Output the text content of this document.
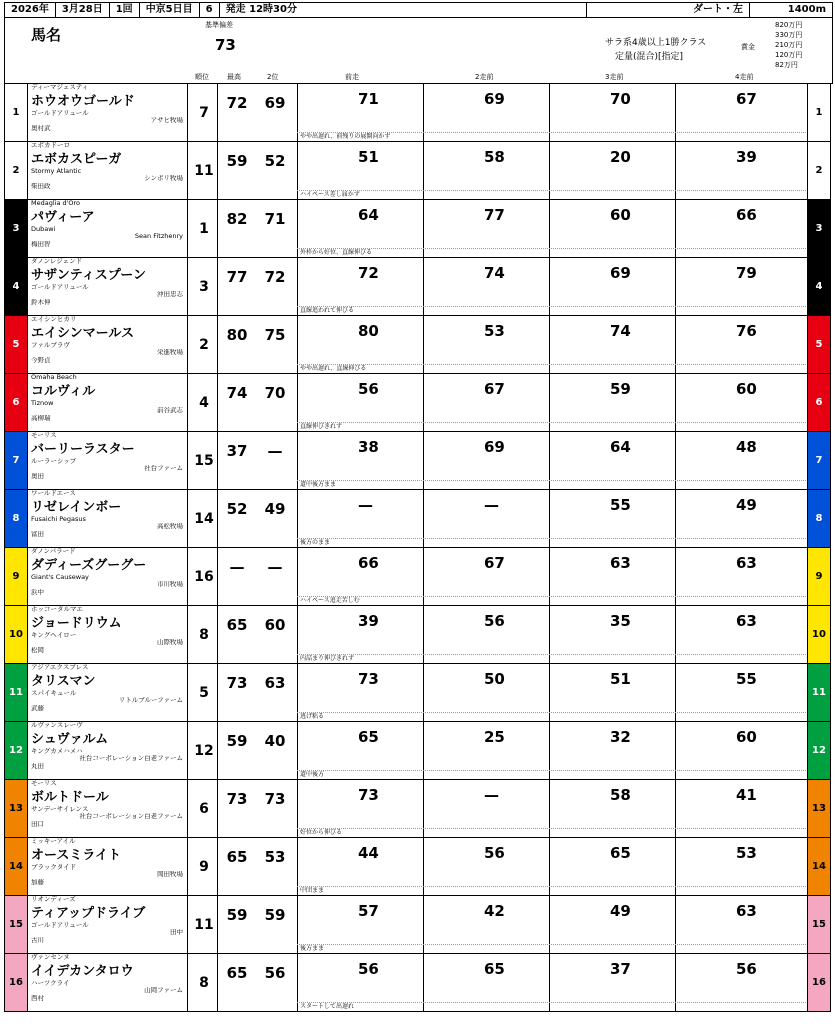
2026年	3月28日	1回	中京5日目	6	発走 12時30分	ダート・左	1400m
馬名
基準偏差
73
順位	最高	2位	前走	2走前	3走前	4走前
サラ系4歳以上1勝クラス
定量(混合)[指定]
賞金
820万円
330万円
210万円
120万円
82万円
1
ディーマジェスティ
ホウオウゴールド
ゴールドアリュール
アサヒ牧場
奥村武
7
72	69	71	69	70	67
やや出遅れ、前残りの展開向かず
1
2
エボカドーロ
エボカスピーガ
Stormy Atlantic
シンボリ牧場
柴田政
11
59	52	51	58	20	39
ハイペース差し届かず
2
3
Medaglia d'Oro
パヴィーア
Dubawi
Sean Fitzhenry
梅田智
1
82	71	64	77	60	66
外枠から好位、直線伸びる
3
4
ダノンレジェンド
サザンティスプーン
ゴールドアリュール
沖田忠志
鈴木伸
3
77	72	72	74	69	79
直線追われて伸びる
4
5
エイシンヒカリ
エイシンマールス
ファルブラヴ
栄進牧場
今野貞
2
80	75	80	53	74	76
やや出遅れ、直線伸びる
5
6
Omaha Beach
コルヴィル
Tiznow
前谷武志
高柳瑞
4
74	70	56	67	59	60
直線伸びきれず
6
7
モーリス
バーリーラスター
ルーラーシップ
社台ファーム
奥田
15
37	—	38	69	64	48
道中後方まま
7
8
ワールドエース
リゼレインボー
Fusaichi Pegasus
高松牧場
富田
14
52	49	—	—	55	49
後方のまま
8
9
ダノンバラード
ダディーズグーグー
Giant's Causeway
市川牧場
浜中
16
—	—	66	67	63	63
ハイペース追走苦しむ
9
10
ホッコータルマエ
ジョードリウム
キングヘイロー
山際牧場
松岡
8
65	60	39	56	35	63
内詰まり伸びきれず
10
11
アジアエクスプレス
タリスマン
スパイキュール
リトルブルーファーム
武藤
5
73	63	73	50	51	55
逃げ粘る
11
12
ルヴァンスレーヴ
シュヴァルム
キングカメハメハ
社台コーポレーション白老ファーム
丸田
12
59	40	65	25	32	60
道中後方
12
13
モーリス
ボルトドール
サンデーサイレンス
社台コーポレーション白老ファーム
田口
6
73	73	73	—	58	41
好位から伸びる
13
14
ミッキーアイル
オースミライト
ブラックタイド
岡田牧場
加藤
9
65	53	44	56	65	53
中団まま
14
15
リオンディーズ
ティアップドライブ
ゴールドアリュール
田中
古川
11
59	59	57	42	49	63
後方まま
15
16
ヴァンセンヌ
イイデカンタロウ
ハーツクライ
山岡ファーム
西村
8
65	56	56	65	37	56
スタートして出遅れ
16
